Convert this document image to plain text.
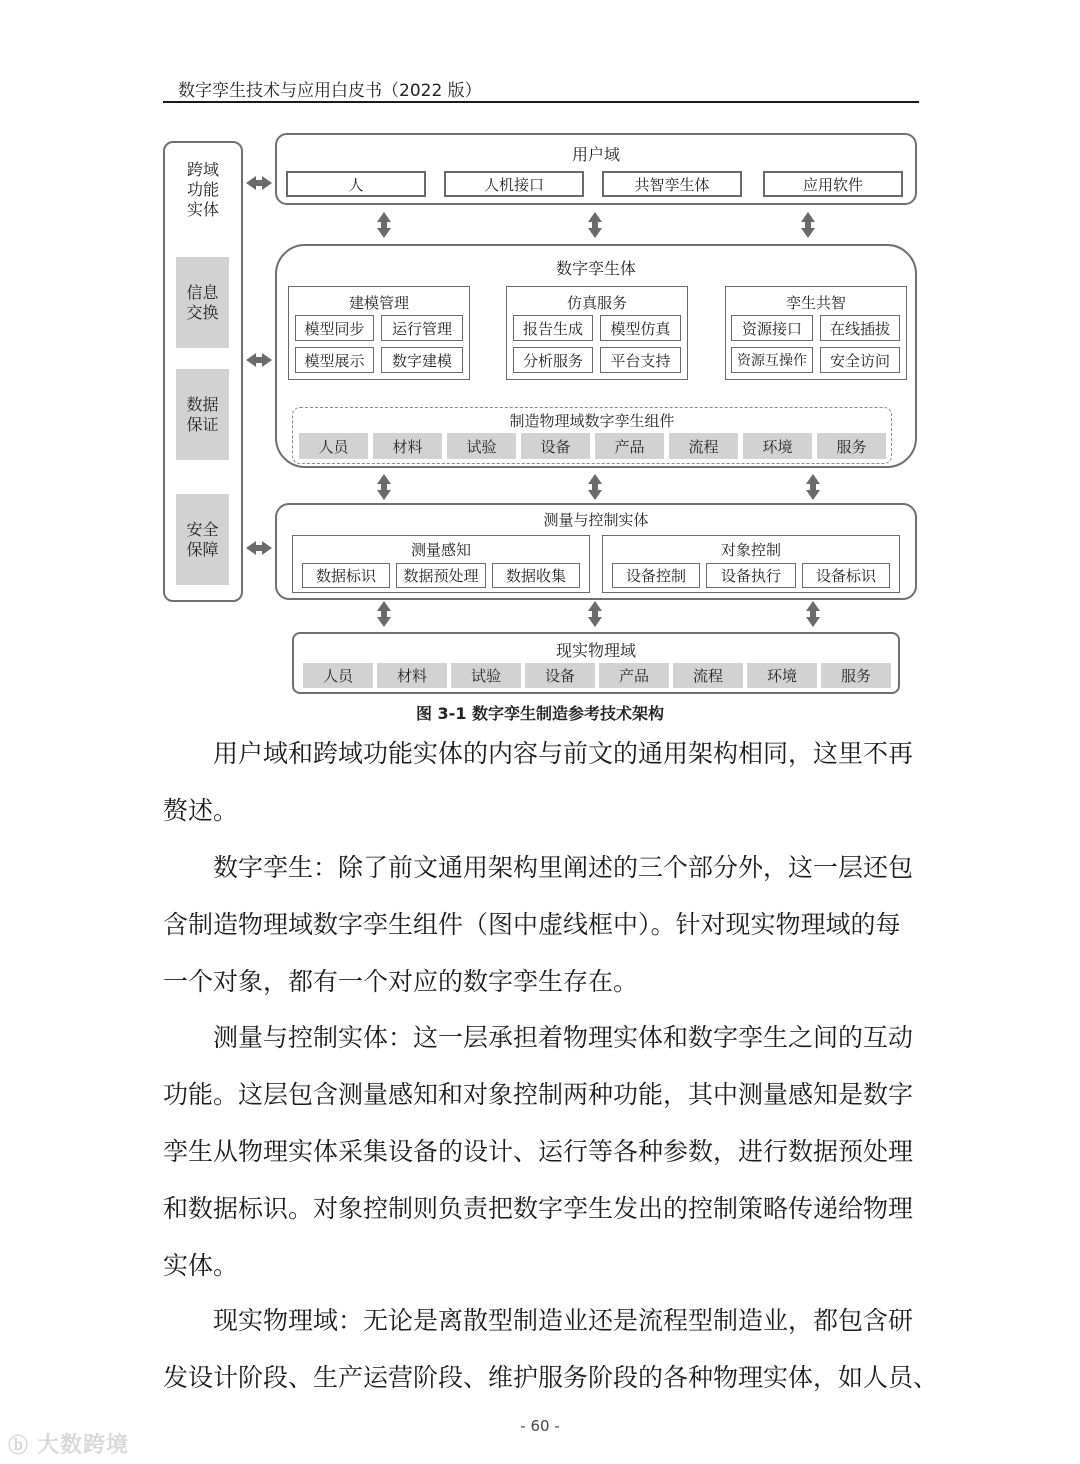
数字孪生技术与应用白皮书（2022 版）
跨域
功能
实体
信息
交换
数据
保证
安全
保障
用户域
人	人机接口	共智孪生体	应用软件
数字孪生体
建模管理
模型同步	运行管理
模型展示	数字建模
仿真服务
报告生成	模型仿真
分析服务	平台支持
孪生共智
资源接口	在线插拔
资源互操作	安全访问
制造物理域数字孪生组件
人员	材料	试验	设备	产品	流程	环境	服务
测量与控制实体
测量感知
数据标识	数据预处理	数据收集
对象控制
设备控制	设备执行	设备标识
现实物理域
人员	材料	试验	设备	产品	流程	环境	服务
图 3-1 数字孪生制造参考技术架构
用户域和跨域功能实体的内容与前文的通用架构相同，这里不再
赘述。
数字孪生：除了前文通用架构里阐述的三个部分外，这一层还包
含制造物理域数字孪生组件（图中虚线框中）。针对现实物理域的每
一个对象，都有一个对应的数字孪生存在。
测量与控制实体：这一层承担着物理实体和数字孪生之间的互动
功能。这层包含测量感知和对象控制两种功能，其中测量感知是数字
孪生从物理实体采集设备的设计、运行等各种参数，进行数据预处理
和数据标识。对象控制则负责把数字孪生发出的控制策略传递给物理
实体。
现实物理域：无论是离散型制造业还是流程型制造业，都包含研
发设计阶段、生产运营阶段、维护服务阶段的各种物理实体，如人员、
- 60 -
ⓑ 大数跨境
